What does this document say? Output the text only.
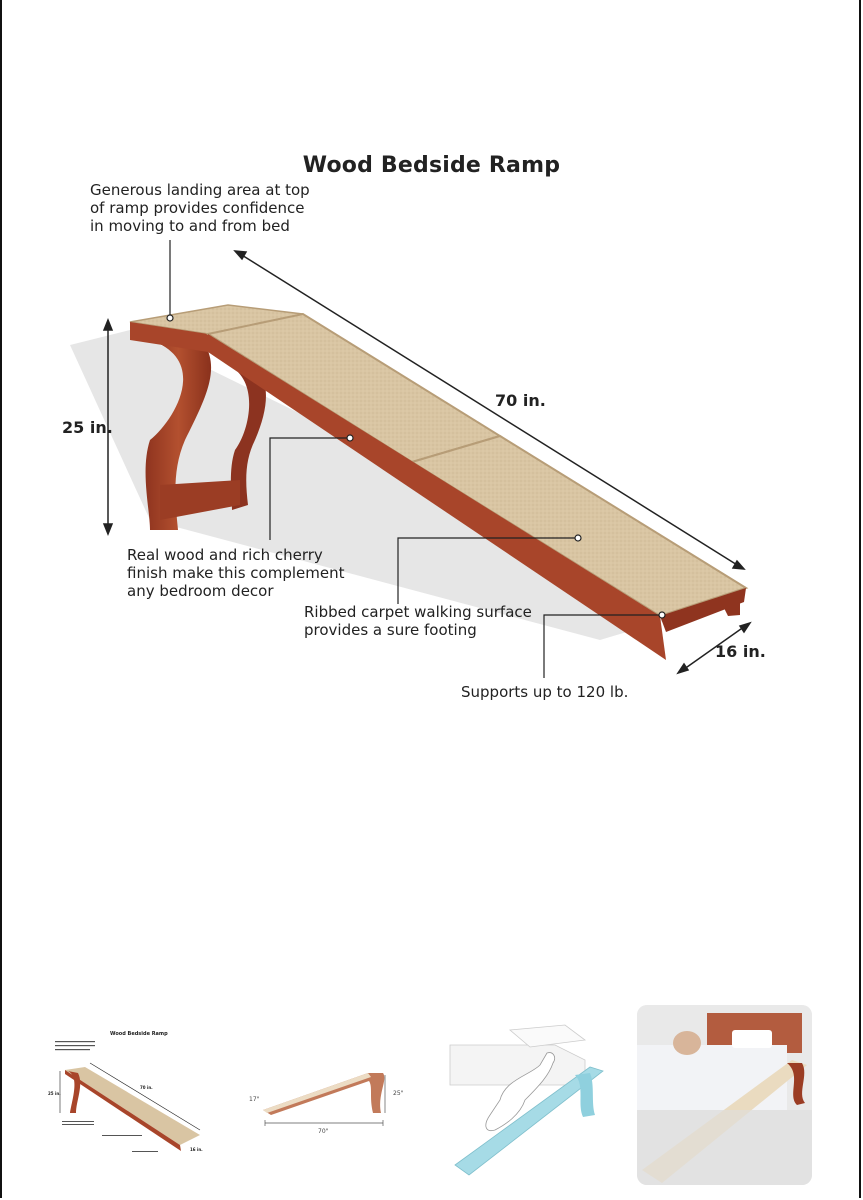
Wood Bedside Ramp
Generous landing area at top
of ramp provides confidence
in moving to and from bed
Real wood and rich cherry
finish make this complement
any bedroom decor
Ribbed carpet walking surface
provides a sure footing
Supports up to 120 lb.
25 in.
70 in.
16 in.
Wood Bedside Ramp
70 in.
25 in.
16 in.
70"
25"
17"
